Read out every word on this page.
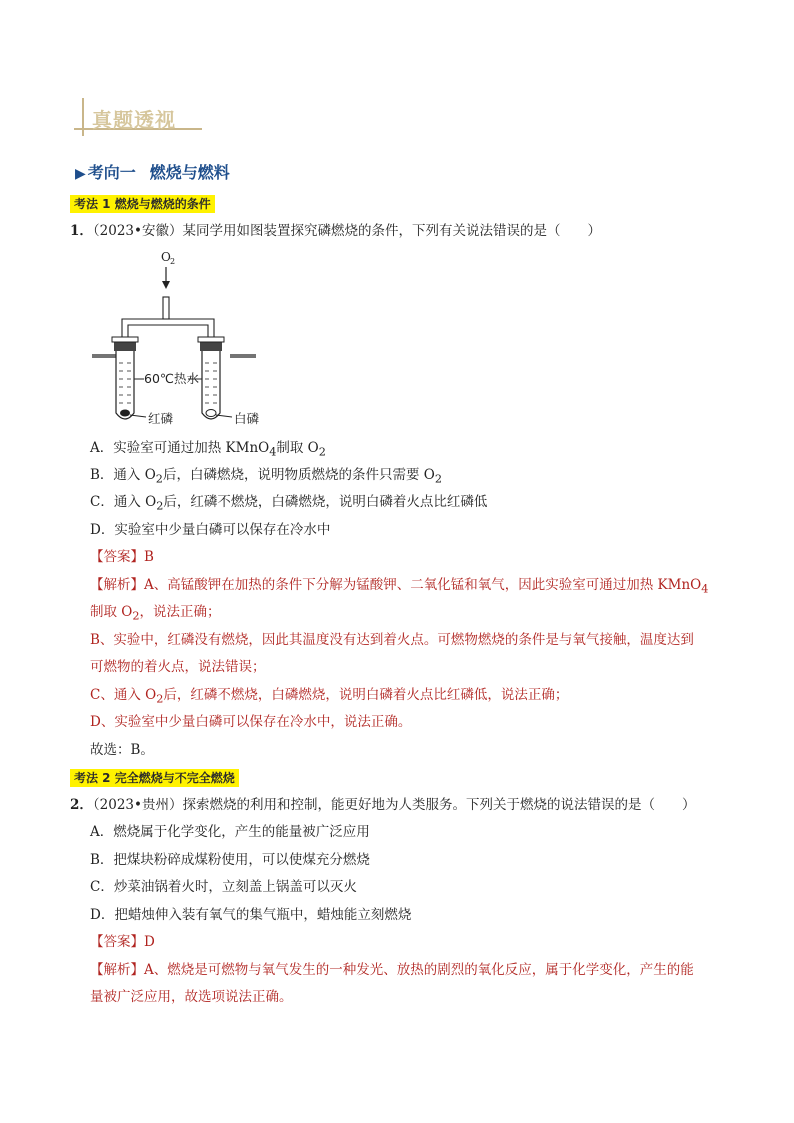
真题透视
▶ 考向一 燃烧与燃料
考法 1 燃烧与燃烧的条件
1．（2023•安徽）某同学用如图装置探究磷燃烧的条件，下列有关说法错误的是（　　）
O 2
60℃热水
红磷	白磷
A．实验室可通过加热 KMnO$_4$制取 $O_2$
B．通入 $O_2$后，白磷燃烧，说明物质燃烧的条件只需要 $O_2$
C．通入 $O_2$后，红磷不燃烧，白磷燃烧，说明白磷着火点比红磷低
D．实验室中少量白磷可以保存在冷水中
【答案】B
【解析】A、高锰酸钾在加热的条件下分解为锰酸钾、二氧化锰和氧气，因此实验室可通过加热 KMnO$_4$
制取 $O_2$，说法正确；
B、实验中，红磷没有燃烧，因此其温度没有达到着火点。可燃物燃烧的条件是与氧气接触，温度达到
可燃物的着火点，说法错误；
C、通入 $O_2$后，红磷不燃烧，白磷燃烧，说明白磷着火点比红磷低，说法正确；
D、实验室中少量白磷可以保存在冷水中，说法正确。
故选：B。
考法 2 完全燃烧与不完全燃烧
2．（2023•贵州）探索燃烧的利用和控制，能更好地为人类服务。下列关于燃烧的说法错误的是（　　）
A．燃烧属于化学变化，产生的能量被广泛应用
B．把煤块粉碎成煤粉使用，可以使煤充分燃烧
C．炒菜油锅着火时，立刻盖上锅盖可以灭火
D．把蜡烛伸入装有氧气的集气瓶中，蜡烛能立刻燃烧
【答案】D
【解析】A、燃烧是可燃物与氧气发生的一种发光、放热的剧烈的氧化反应，属于化学变化，产生的能
量被广泛应用，故选项说法正确。
